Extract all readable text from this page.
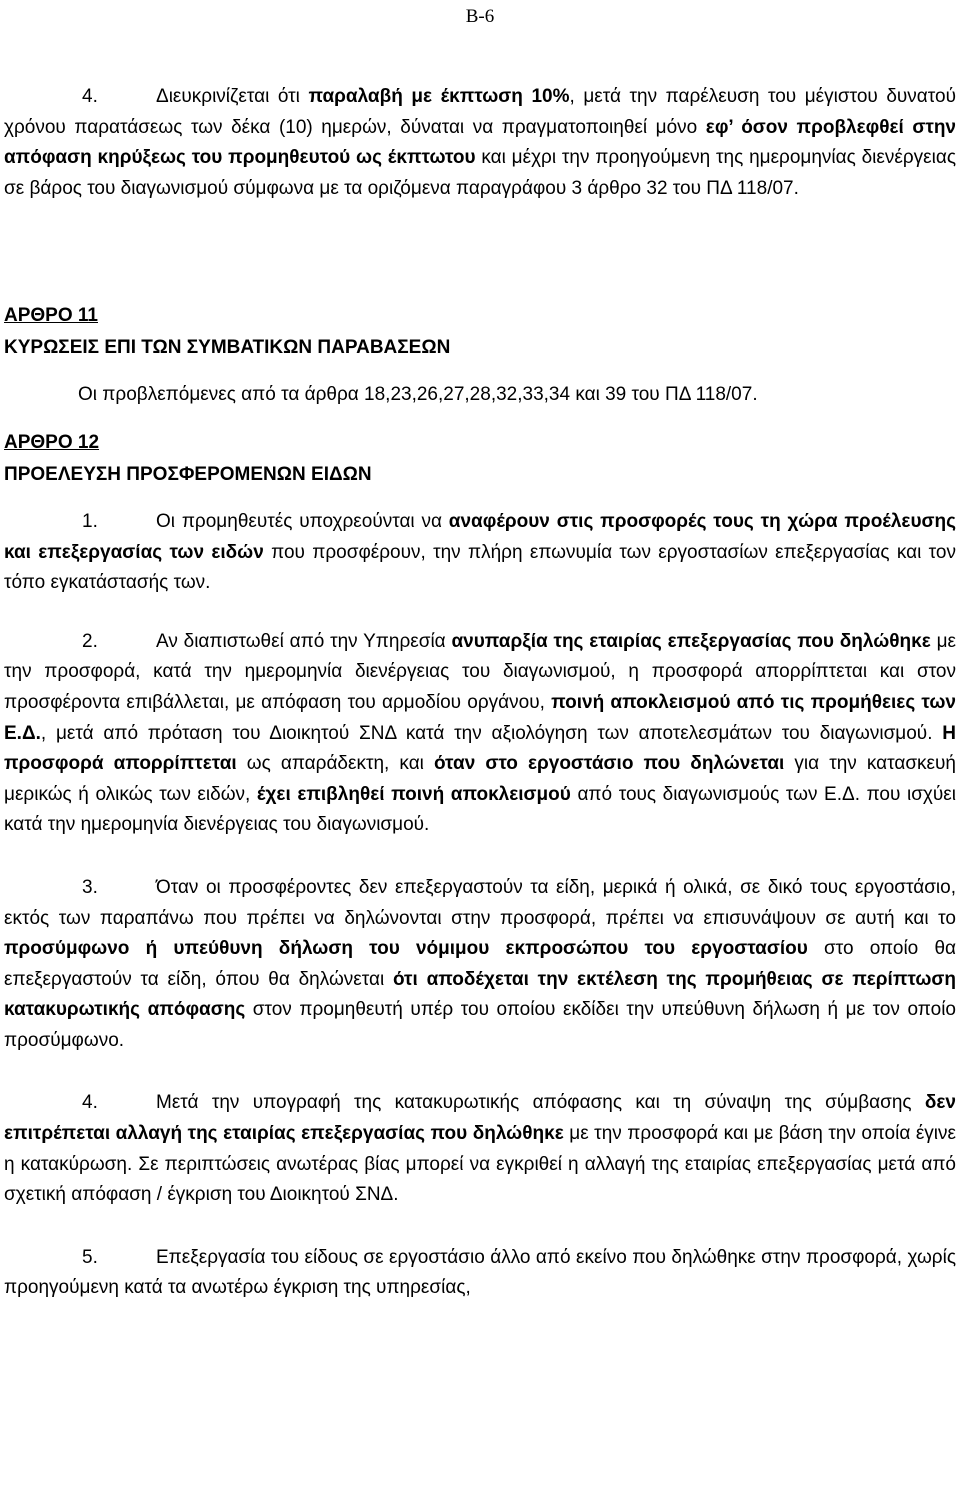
Β-6

4.	Διευκρινίζεται ότι παραλαβή με έκπτωση 10%, μετά την παρέλευση του μέγιστου δυνατού χρόνου παρατάσεως των δέκα (10) ημερών, δύναται να πραγματοποιηθεί μόνο εφ’ όσον προβλεφθεί στην απόφαση κηρύξεως του προμηθευτού ως έκπτωτου και μέχρι την προηγούμενη της ημερομηνίας διενέργειας σε βάρος του διαγωνισμού σύμφωνα με τα οριζόμενα παραγράφου 3 άρθρο 32 του ΠΔ 118/07.

ΑΡΘΡΟ 11

ΚΥΡΩΣΕΙΣ ΕΠΙ ΤΩΝ ΣΥΜΒΑΤΙΚΩΝ ΠΑΡΑΒΑΣΕΩΝ

Οι προβλεπόμενες από τα άρθρα 18,23,26,27,28,32,33,34 και 39 του ΠΔ 118/07.

ΑΡΘΡΟ 12

ΠΡΟΕΛΕΥΣΗ ΠΡΟΣΦΕΡΟΜΕΝΩΝ ΕΙΔΩΝ

1.	Οι προμηθευτές υποχρεούνται να αναφέρουν στις προσφορές τους τη χώρα προέλευσης και επεξεργασίας των ειδών που προσφέρουν, την πλήρη επωνυμία των εργοστασίων επεξεργασίας και τον τόπο εγκατάστασής των.

2.	Αν διαπιστωθεί από την Υπηρεσία ανυπαρξία της εταιρίας επεξεργασίας που δηλώθηκε με την προσφορά, κατά την ημερομηνία διενέργειας του διαγωνισμού, η προσφορά απορρίπτεται και στον προσφέροντα επιβάλλεται, με απόφαση του αρμοδίου οργάνου, ποινή αποκλεισμού από τις προμήθειες των Ε.Δ., μετά από πρόταση του Διοικητού ΣΝΔ κατά την αξιολόγηση των αποτελεσμάτων του διαγωνισμού. Η προσφορά απορρίπτεται ως απαράδεκτη, και όταν στο εργοστάσιο που δηλώνεται για την κατασκευή μερικώς ή ολικώς των ειδών, έχει επιβληθεί ποινή αποκλεισμού από τους διαγωνισμούς των Ε.Δ. που ισχύει κατά την ημερομηνία διενέργειας του διαγωνισμού.

3.	Όταν οι προσφέροντες δεν επεξεργαστούν τα είδη, μερικά ή ολικά, σε δικό τους εργοστάσιο, εκτός των παραπάνω που πρέπει να δηλώνονται στην προσφορά, πρέπει να επισυνάψουν σε αυτή και το προσύμφωνο ή υπεύθυνη δήλωση του νόμιμου εκπροσώπου του εργοστασίου στο οποίο θα επεξεργαστούν τα είδη, όπου θα δηλώνεται ότι αποδέχεται την εκτέλεση της προμήθειας σε περίπτωση κατακυρωτικής απόφασης στον προμηθευτή υπέρ του οποίου εκδίδει την υπεύθυνη δήλωση ή με τον οποίο προσύμφωνο.

4.	Μετά την υπογραφή της κατακυρωτικής απόφασης και τη σύναψη της σύμβασης δεν επιτρέπεται αλλαγή της εταιρίας επεξεργασίας που δηλώθηκε με την προσφορά και με βάση την οποία έγινε η κατακύρωση. Σε περιπτώσεις ανωτέρας βίας μπορεί να εγκριθεί η αλλαγή της εταιρίας επεξεργασίας μετά από σχετική απόφαση / έγκριση του Διοικητού ΣΝΔ.

5.	Επεξεργασία του είδους σε εργοστάσιο άλλο από εκείνο που δηλώθηκε στην προσφορά, χωρίς προηγούμενη κατά τα ανωτέρω έγκριση της υπηρεσίας,
